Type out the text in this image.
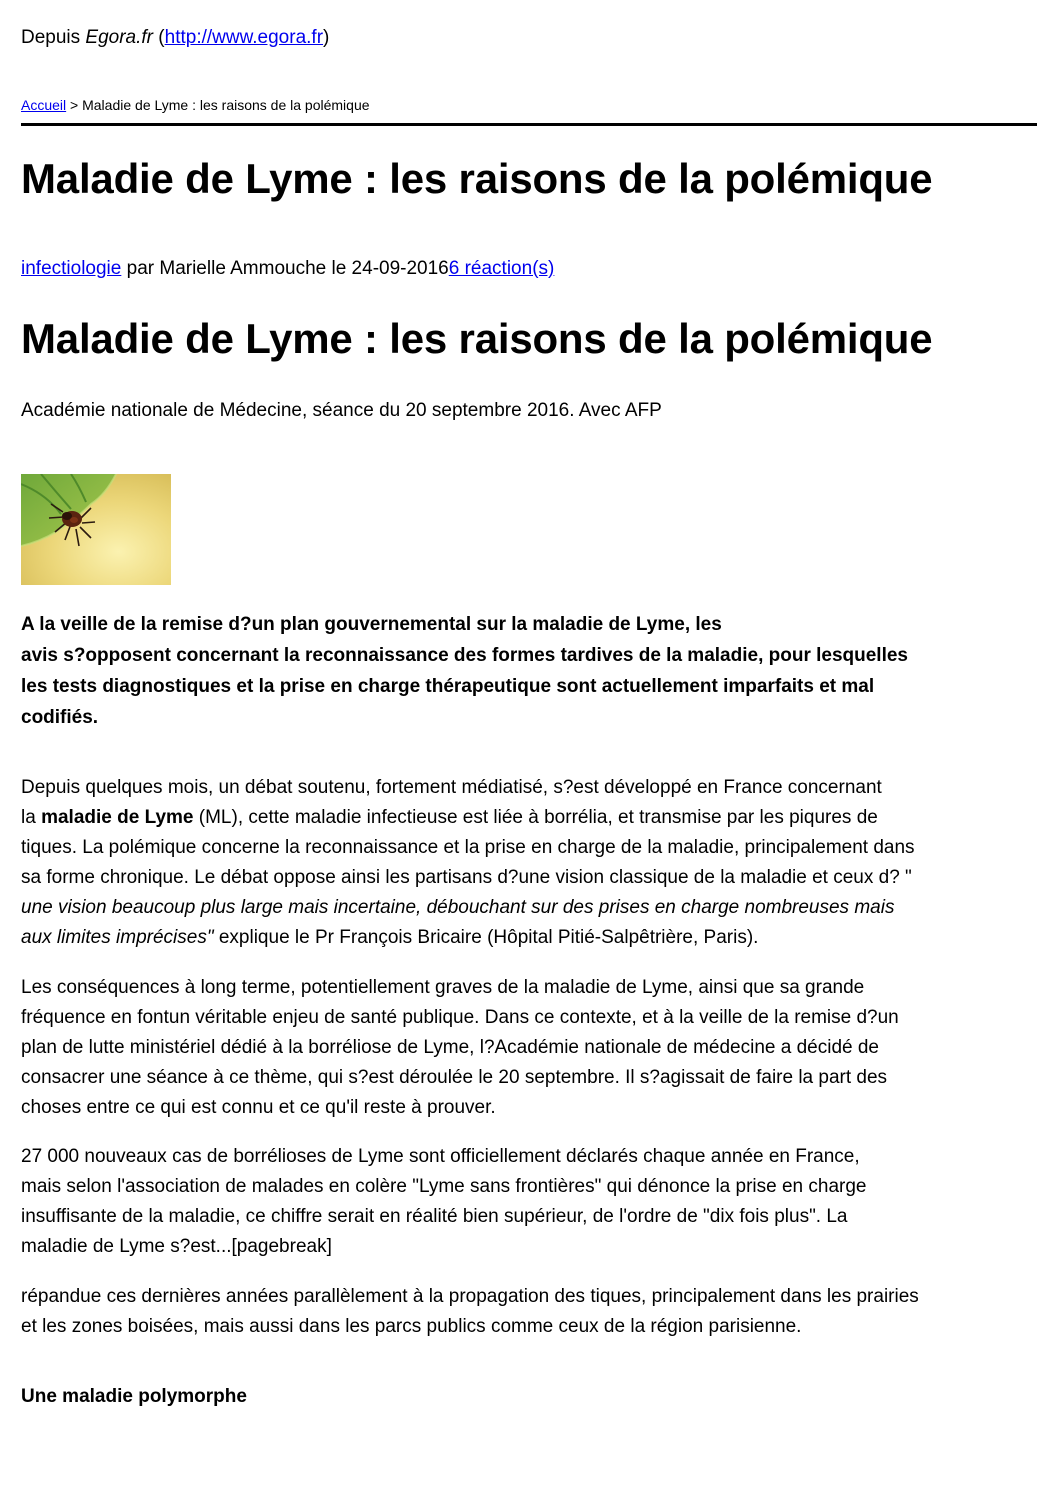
Depuis Egora.fr (http://www.egora.fr)
Accueil > Maladie de Lyme : les raisons de la polémique
Maladie de Lyme : les raisons de la polémique
infectiologie par Marielle Ammouche le 24-09-20166 réaction(s)
Maladie de Lyme : les raisons de la polémique
Académie nationale de Médecine, séance du 20 septembre 2016. Avec AFP

A la veille de la remise d?un plan gouvernemental sur la maladie de Lyme, les
avis s?opposent concernant la reconnaissance des formes tardives de la maladie, pour lesquelles
les tests diagnostiques et la prise en charge thérapeutique sont actuellement imparfaits et mal
codifiés.

Depuis quelques mois, un débat soutenu, fortement médiatisé, s?est développé en France concernant
la maladie de Lyme (ML), cette maladie infectieuse est liée à borrélia, et transmise par les piqures de
tiques. La polémique concerne la reconnaissance et la prise en charge de la maladie, principalement dans
sa forme chronique. Le débat oppose ainsi les partisans d?une vision classique de la maladie et ceux d? "
une vision beaucoup plus large mais incertaine, débouchant sur des prises en charge nombreuses mais
aux limites imprécises" explique le Pr François Bricaire (Hôpital Pitié-Salpêtrière, Paris).

Les conséquences à long terme, potentiellement graves de la maladie de Lyme, ainsi que sa grande
fréquence en fontun véritable enjeu de santé publique. Dans ce contexte, et à la veille de la remise d?un
plan de lutte ministériel dédié à la borréliose de Lyme, l?Académie nationale de médecine a décidé de
consacrer une séance à ce thème, qui s?est déroulée le 20 septembre. Il s?agissait de faire la part des
choses entre ce qui est connu et ce qu'il reste à prouver.

27 000 nouveaux cas de borrélioses de Lyme sont officiellement déclarés chaque année en France,
mais selon l'association de malades en colère "Lyme sans frontières" qui dénonce la prise en charge
insuffisante de la maladie, ce chiffre serait en réalité bien supérieur, de l'ordre de "dix fois plus". La
maladie de Lyme s?est...[pagebreak]

répandue ces dernières années parallèlement à la propagation des tiques, principalement dans les prairies
et les zones boisées, mais aussi dans les parcs publics comme ceux de la région parisienne.

Une maladie polymorphe
